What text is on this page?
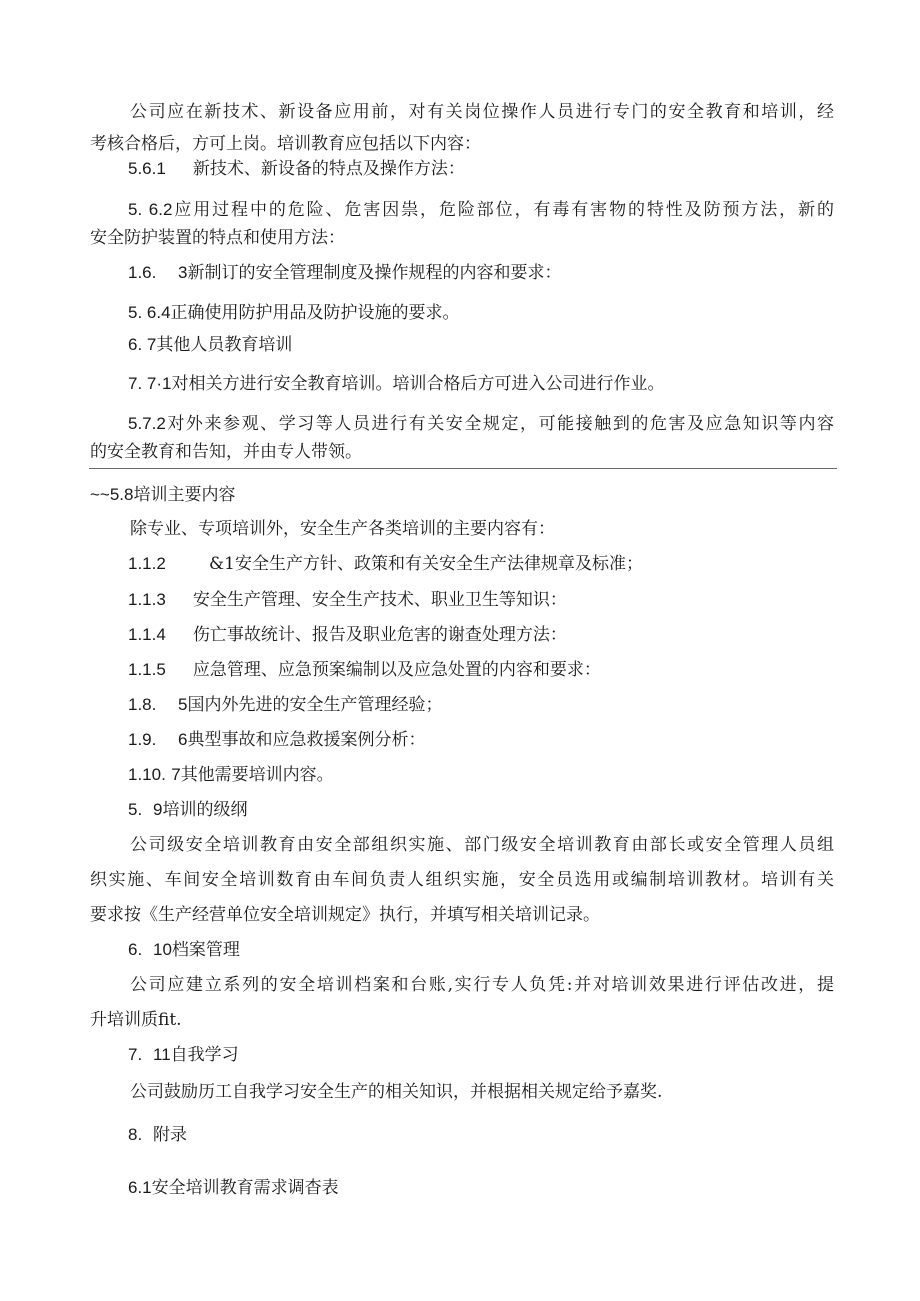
公司应在新技术、新设备应用前，对有关岗位操作人员进行专门的安全教育和培训，经
考核合格后，方可上岗。培训教育应包括以下内容：
5.6.1 新技术、新设备的特点及操作方法：
5. 6.2应用过程中的危险、危害因祟，危险部位，有毒有害物的特性及防预方法，新的
安全防护装置的特点和使用方法：
1.6. 3新制订的安全管理制度及操作规程的内容和要求：
5. 6.4正确使用防护用品及防护设施的要求。
6. 7其他人员教育培训
7. 7·1对相关方进行安全教育培训。培训合格后方可进入公司进行作业。
5.7.2对外来参观、学习等人员进行有关安全规定，可能接触到的危害及应急知识等内容
的安全教育和告知，并由专人带领。
~~5.8培训主要内容
除专业、专项培训外，安全生产各类培训的主要内容有：
1.1.2	&1安全生产方针、政策和有关安全生产法律规章及标准；
1.1.3 安全生产管理、安全生产技术、职业卫生等知识：
1.1.4 伤亡事故统计、报告及职业危害的谢查处理方法：
1.1.5 应急管理、应急预案编制以及应急处置的内容和要求：
1.8. 5国内外先进的安全生产管理经验；
1.9. 6典型事故和应急救援案例分析：
1.10. 7其他需要培训内容。
5. 9培训的级纲
公司级安全培训教育由安全部组织实施、部门级安全培训教育由部长或安全管理人员组
织实施、车间安全培训数育由车间负责人组织实施，安全员选用或编制培训教材。培训有关
要求按《生产经营单位安全培训规定》执行，并填写相关培训记录。
6. 10档案管理
公司应建立系列的安全培训档案和台账,实行专人负凭:并对培训效果进行评估改进，提
升培训质fit.
7. 11自我学习
公司鼓励历工自我学习安全生产的相关知识，并根据相关规定给予嘉奖.
8. 附录
6.1安全培训教育需求调杳表
